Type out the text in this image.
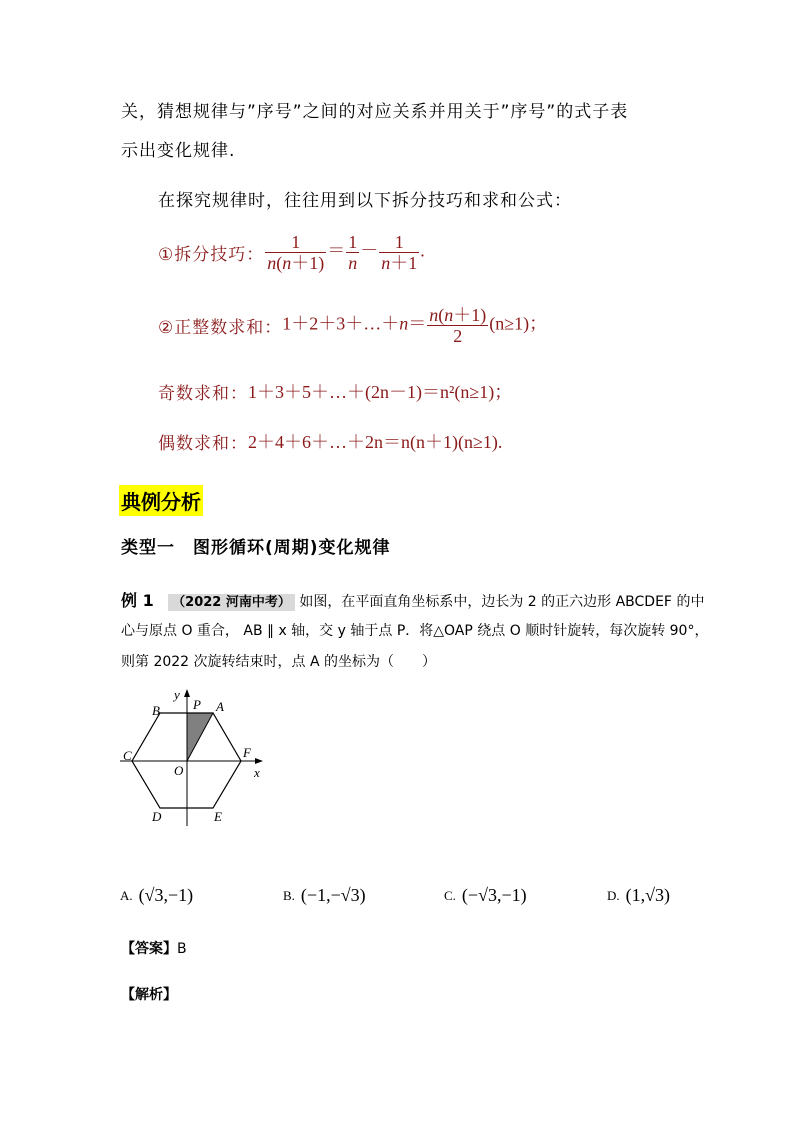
关，猜想规律与”序号”之间的对应关系并用关于”序号”的式子表
示出变化规律.
在探究规律时，往往用到以下拆分技巧和求和公式：
①拆分技巧： $\frac{1}{n(n+1)} = \frac{1}{n} - \frac{1}{n+1}$ .
②正整数求和： 1＋2＋3＋…＋n＝ $\frac{n(n+1)}{2} (n\ge 1)$；
奇数求和： 1＋3＋5＋…＋(2n－1)＝n²(n≥1)；
偶数求和： 2＋4＋6＋…＋2n＝n(n＋1)(n≥1).
典例分析
类型一　图形循环(周期)变化规律
例 1 （2022 河南中考） 如图，在平面直角坐标系中，边长为 2 的正六边形 ABCDEF 的中
心与原点 O 重合， AB ∥ x 轴，交 y 轴于点 P．将△OAP 绕点 O 顺时针旋转，每次旋转 90°，
则第 2022 次旋转结束时，点 A 的坐标为（　　）
B	A
P
y
C	F
O	x
D	E
A. (√3,−1)	B. (−1,−√3)	C. (−√3,−1)	D. (1,√3)
【答案】B
【解析】
